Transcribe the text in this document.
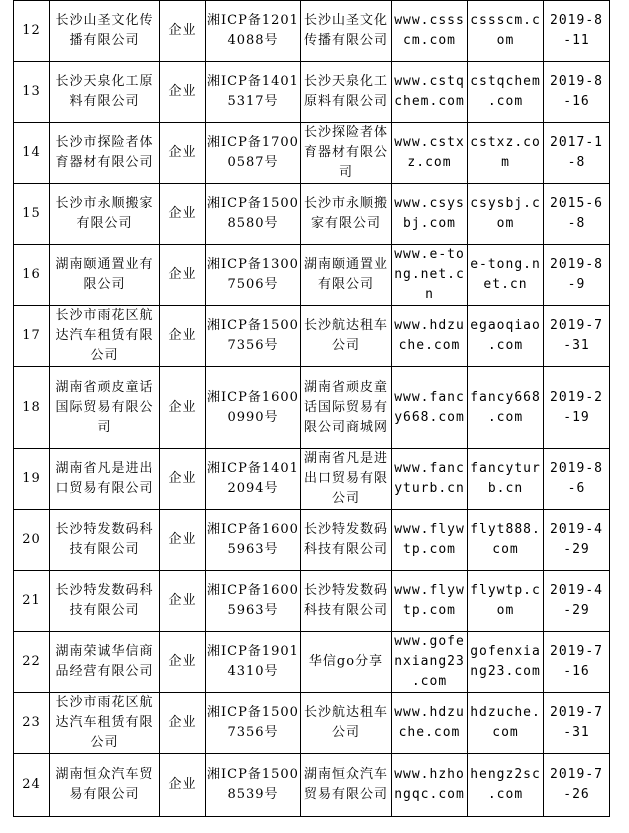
12	长沙山圣文化传播有限公司	企业	湘ICP备12014088号	长沙山圣文化传播有限公司	www.csss cm.com	csssсm.c om	2019-8 -11
13	长沙天泉化工原料有限公司	企业	湘ICP备14015317号	长沙天泉化工原料有限公司	www.cstq chem.com	cstqchem .com	2019-8 -16
14	长沙市探险者体育器材有限公司	企业	湘ICP备17000587号	长沙探险者体育器材有限公司	www.cstx z.com	cstxz.co m	2017-1 -8
15	长沙市永顺搬家有限公司	企业	湘ICP备15008580号	长沙市永顺搬家有限公司	www.csys bj.com	csysbj.c om	2015-6 -8
16	湖南颐通置业有限公司	企业	湘ICP备13007506号	湖南颐通置业有限公司	www.e-to ng.net.c n	e-tong.n et.cn	2019-8 -9
17	长沙市雨花区航达汽车租赁有限公司	企业	湘ICP备15007356号	长沙航达租车公司	www.hdzu che.com	egaoqiao .com	2019-7 -31
18	湖南省顽皮童话国际贸易有限公司	企业	湘ICP备16000990号	湖南省顽皮童话国际贸易有限公司商城网	www.fanc y668.com	fancy668 .com	2019-2 -19
19	湖南省凡是进出口贸易有限公司	企业	湘ICP备14012094号	湖南省凡是进出口贸易有限公司	www.fanc yturb.cn	fancytur b.cn	2019-8 -6
20	长沙特发数码科技有限公司	企业	湘ICP备16005963号	长沙特发数码科技有限公司	www.flyw tp.com	flyt888. com	2019-4 -29
21	长沙特发数码科技有限公司	企业	湘ICP备16005963号	长沙特发数码科技有限公司	www.flyw tp.com	flywtp.c om	2019-4 -29
22	湖南荣诚华信商品经营有限公司	企业	湘ICP备19014310号	华信go分享	www.gofe nxiang23 .com	gofenxia ng23.com	2019-7 -16
23	长沙市雨花区航达汽车租赁有限公司	企业	湘ICP备15007356号	长沙航达租车公司	www.hdzu che.com	hdzuche. com	2019-7 -31
24	湖南恒众汽车贸易有限公司	企业	湘ICP备15008539号	湖南恒众汽车贸易有限公司	www.hzho ngqc.com	hengz2sc .com	2019-7 -26
